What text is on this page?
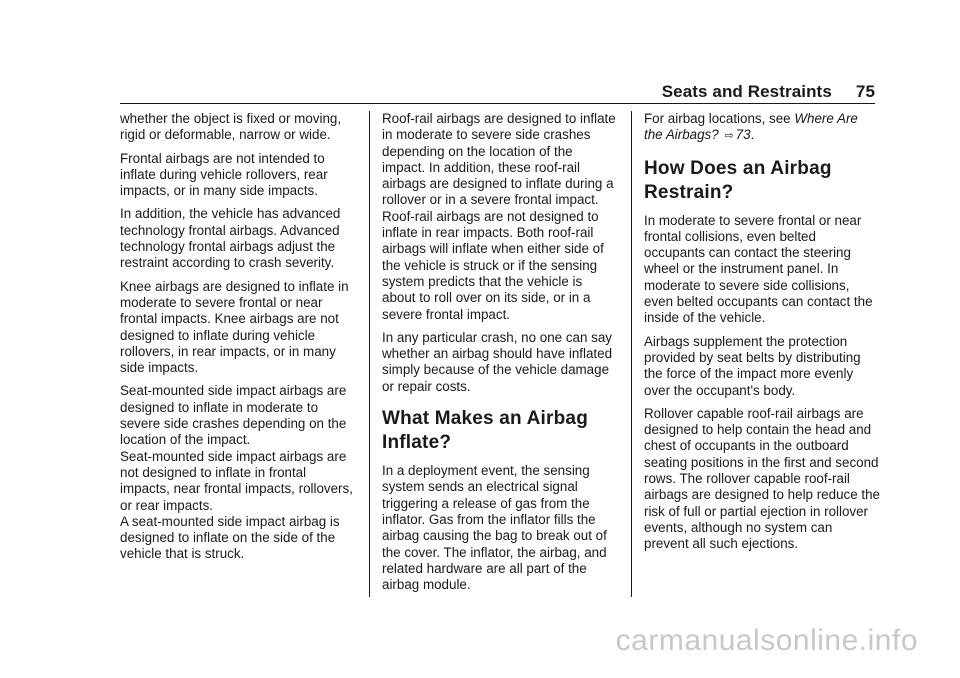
Seats and Restraints 75

whether the object is fixed or moving, rigid or deformable, narrow or wide.

Frontal airbags are not intended to inflate during vehicle rollovers, rear impacts, or in many side impacts.

In addition, the vehicle has advanced technology frontal airbags. Advanced technology frontal airbags adjust the restraint according to crash severity.

Knee airbags are designed to inflate in moderate to severe frontal or near frontal impacts. Knee airbags are not designed to inflate during vehicle rollovers, in rear impacts, or in many side impacts.

Seat-mounted side impact airbags are designed to inflate in moderate to severe side crashes depending on the location of the impact.
Seat-mounted side impact airbags are not designed to inflate in frontal impacts, near frontal impacts, rollovers, or rear impacts.
A seat-mounted side impact airbag is designed to inflate on the side of the vehicle that is struck.

Roof-rail airbags are designed to inflate in moderate to severe side crashes depending on the location of the impact. In addition, these roof-rail airbags are designed to inflate during a rollover or in a severe frontal impact. Roof-rail airbags are not designed to inflate in rear impacts. Both roof-rail airbags will inflate when either side of the vehicle is struck or if the sensing system predicts that the vehicle is about to roll over on its side, or in a severe frontal impact.

In any particular crash, no one can say whether an airbag should have inflated simply because of the vehicle damage or repair costs.

What Makes an Airbag Inflate?

In a deployment event, the sensing system sends an electrical signal triggering a release of gas from the inflator. Gas from the inflator fills the airbag causing the bag to break out of the cover. The inflator, the airbag, and related hardware are all part of the airbag module.

For airbag locations, see Where Are the Airbags? ⇨ 73.

How Does an Airbag Restrain?

In moderate to severe frontal or near frontal collisions, even belted occupants can contact the steering wheel or the instrument panel. In moderate to severe side collisions, even belted occupants can contact the inside of the vehicle.

Airbags supplement the protection provided by seat belts by distributing the force of the impact more evenly over the occupant's body.

Rollover capable roof-rail airbags are designed to help contain the head and chest of occupants in the outboard seating positions in the first and second rows. The rollover capable roof-rail airbags are designed to help reduce the risk of full or partial ejection in rollover events, although no system can prevent all such ejections.

carmanualsonline.info
